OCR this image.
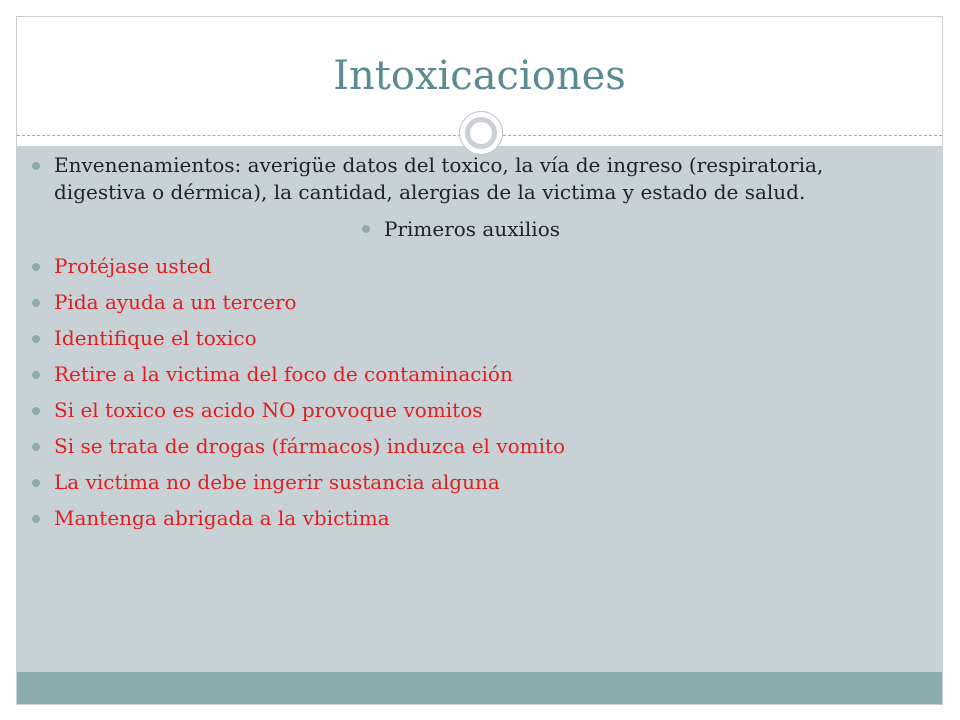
Intoxicaciones
Envenenamientos: averigüe datos del toxico, la vía de ingreso (respiratoria, digestiva o dérmica), la cantidad, alergias de la victima y estado de salud.
Primeros auxilios
Protéjase usted
Pida ayuda a un tercero
Identifique el toxico
Retire a la victima del foco de contaminación
Si el toxico es acido NO provoque vomitos
Si se trata de drogas (fármacos) induzca el vomito
La victima no debe ingerir sustancia alguna
Mantenga abrigada a la vbictima
